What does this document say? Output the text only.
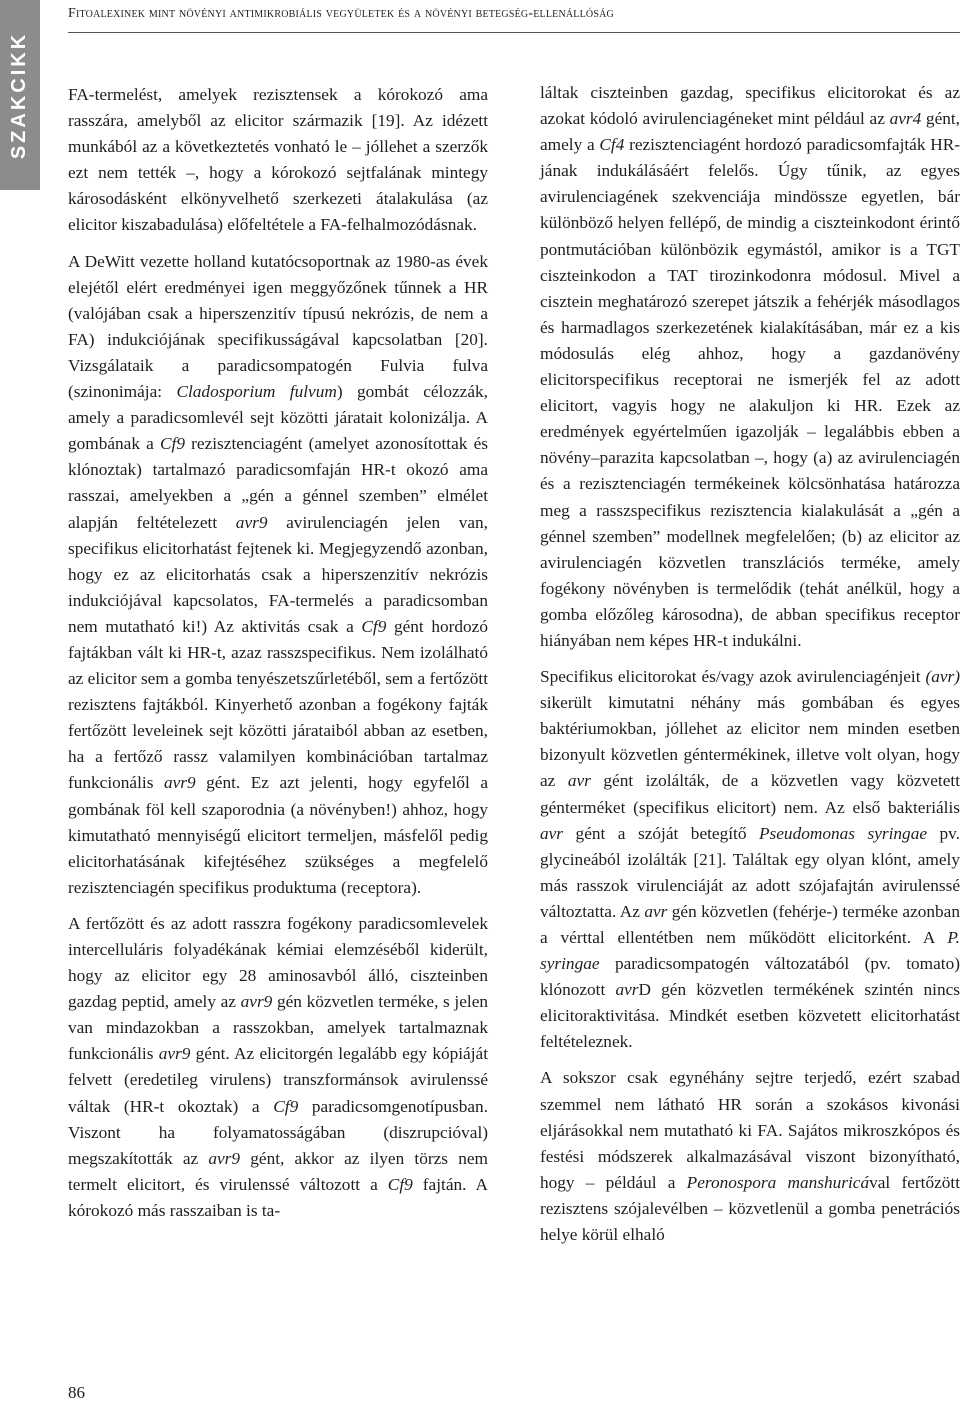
SZAKCIKK
Fitoalexinek mint növényi antimikrobiális vegyületek és a növényi betegség-ellenállóság

FA-termelést, amelyek rezisztensek a kórokozó ama rasszára, amelyből az elicitor származik [19]. Az idézett munkából az a következtetés vonható le – jóllehet a szerzők ezt nem tették –, hogy a kórokozó sejtfalának mintegy károsodásként elkönyvelhető szerkezeti átalakulása (az elicitor kiszabadulása) előfeltétele a FA-felhalmozódásnak.

A DeWitt vezette holland kutatócsoportnak az 1980-as évek elejétől elért eredményei igen meggyőzőnek tűnnek a HR (valójában csak a hiperszenzitív típusú nekrózis, de nem a FA) indukciójának specifikusságával kapcsolatban [20]. Vizsgálataik a paradicsompatogén Fulvia fulva (szinonimája: Cladosporium fulvum) gombát célozzák, amely a paradicsomlevél sejt közötti járatait kolonizálja. A gombának a Cf9 rezisztenciagént (amelyet azonosítottak és klónoztak) tartalmazó paradicsomfaján HR-t okozó ama rasszai, amelyekben a „gén a génnel szemben” elmélet alapján feltételezett avr9 avirulenciagén jelen van, specifikus elicitorhatást fejtenek ki. Megjegyzendő azonban, hogy ez az elicitorhatás csak a hiperszenzitív nekrózis indukciójával kapcsolatos, FA-termelés a paradicsomban nem mutatható ki!) Az aktivitás csak a Cf9 gént hordozó fajtákban vált ki HR-t, azaz rasszspecifikus. Nem izolálható az elicitor sem a gomba tenyészetszűrletéből, sem a fertőzött rezisztens fajtákból. Kinyerhető azonban a fogékony fajták fertőzött leveleinek sejt közötti járataiból abban az esetben, ha a fertőző rassz valamilyen kombinációban tartalmaz funkcionális avr9 gént. Ez azt jelenti, hogy egyfelől a gombának föl kell szaporodnia (a növényben!) ahhoz, hogy kimutatható mennyiségű elicitort termeljen, másfelől pedig elicitorhatásának kifejtéséhez szükséges a megfelelő rezisztenciagén specifikus produktuma (receptora).

A fertőzött és az adott rasszra fogékony paradicsomlevelek intercelluláris folyadékának kémiai elemzéséből kiderült, hogy az elicitor egy 28 aminosavból álló, ciszteinben gazdag peptid, amely az avr9 gén közvetlen terméke, s jelen van mindazokban a rasszokban, amelyek tartalmaznak funkcionális avr9 gént. Az elicitorgén legalább egy kópiáját felvett (eredetileg virulens) transzformánsok avirulenssé váltak (HR-t okoztak) a Cf9 paradicsomgenotípusban. Viszont ha folyamatosságában (diszrupcióval) megszakították az avr9 gént, akkor az ilyen törzs nem termelt elicitort, és virulenssé változott a Cf9 fajtán. A kórokozó más rasszaiban is ta-

láltak ciszteinben gazdag, specifikus elicitorokat és az azokat kódoló avirulenciagéneket mint például az avr4 gént, amely a Cf4 rezisztenciagént hordozó paradicsomfajták HR-jának indukálásáért felelős. Úgy tűnik, az egyes avirulenciagének szekvenciája mindössze egyetlen, bár különböző helyen fellépő, de mindig a ciszteinkodont érintő pontmutációban különbözik egymástól, amikor is a TGT ciszteinkodon a TAT tirozinkodonra módosul. Mivel a cisztein meghatározó szerepet játszik a fehérjék másodlagos és harmadlagos szerkezetének kialakításában, már ez a kis módosulás elég ahhoz, hogy a gazdanövény elicitorspecifikus receptorai ne ismerjék fel az adott elicitort, vagyis hogy ne alakuljon ki HR. Ezek az eredmények egyértelműen igazolják – legalábbis ebben a növény–parazita kapcsolatban –, hogy (a) az avirulenciagén és a rezisztenciagén termékeinek kölcsönhatása határozza meg a rasszspecifikus rezisztencia kialakulását a „gén a génnel szemben” modellnek megfelelően; (b) az elicitor az avirulenciagén közvetlen transzlációs terméke, amely fogékony növényben is termelődik (tehát anélkül, hogy a gomba előzőleg károsodna), de abban specifikus receptor hiányában nem képes HR-t indukálni.

Specifikus elicitorokat és/vagy azok avirulenciagénjeit (avr) sikerült kimutatni néhány más gombában és egyes baktériumokban, jóllehet az elicitor nem minden esetben bizonyult közvetlen géntermékinek, illetve volt olyan, hogy az avr gént izolálták, de a közvetlen vagy közvetett génterméket (specifikus elicitort) nem. Az első bakteriális avr gént a szóját betegítő Pseudomonas syringae pv. glycineából izolálták [21]. Találtak egy olyan klónt, amely más rasszok virulenciáját az adott szójafajtán avirulenssé változtatta. Az avr gén közvetlen (fehérje-) terméke azonban a vérttal ellentétben nem működött elicitorként. A P. syringae paradicsompatogén változatából (pv. tomato) klónozott avrD gén közvetlen termékének szintén nincs elicitoraktivitása. Mindkét esetben közvetett elicitorhatást feltételeznek.

A sokszor csak egynéhány sejtre terjedő, ezért szabad szemmel nem látható HR során a szokásos kivonási eljárásokkal nem mutatható ki FA. Sajátos mikroszkópos és festési módszerek alkalmazásával viszont bizonyítható, hogy – például a Peronospora manshuricával fertőzött rezisztens szójalevélben – közvetlenül a gomba penetrációs helye körül elhaló

86
